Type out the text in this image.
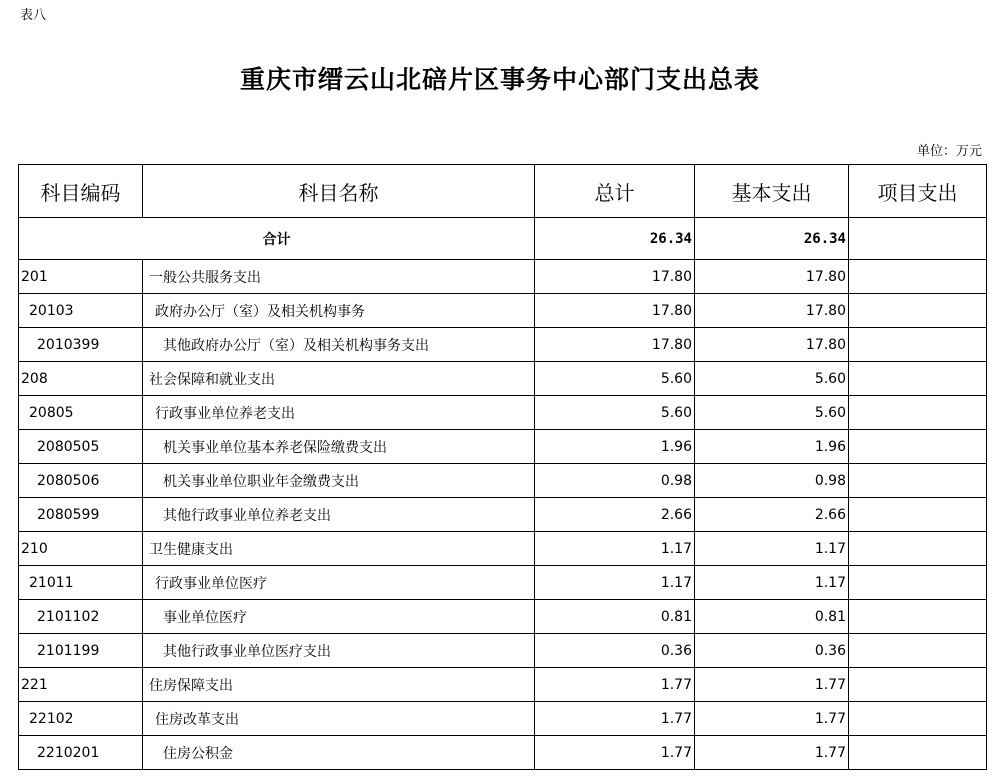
表八
重庆市缙云山北碚片区事务中心部门支出总表
单位：万元
科目编码	科目名称	总计	基本支出	项目支出
合计		26.34	26.34	
201	一般公共服务支出	17.80	17.80	
20103	政府办公厅（室）及相关机构事务	17.80	17.80	
2010399	其他政府办公厅（室）及相关机构事务支出	17.80	17.80	
208	社会保障和就业支出	5.60	5.60	
20805	行政事业单位养老支出	5.60	5.60	
2080505	机关事业单位基本养老保险缴费支出	1.96	1.96	
2080506	机关事业单位职业年金缴费支出	0.98	0.98	
2080599	其他行政事业单位养老支出	2.66	2.66	
210	卫生健康支出	1.17	1.17	
21011	行政事业单位医疗	1.17	1.17	
2101102	事业单位医疗	0.81	0.81	
2101199	其他行政事业单位医疗支出	0.36	0.36	
221	住房保障支出	1.77	1.77	
22102	住房改革支出	1.77	1.77	
2210201	住房公积金	1.77	1.77	
